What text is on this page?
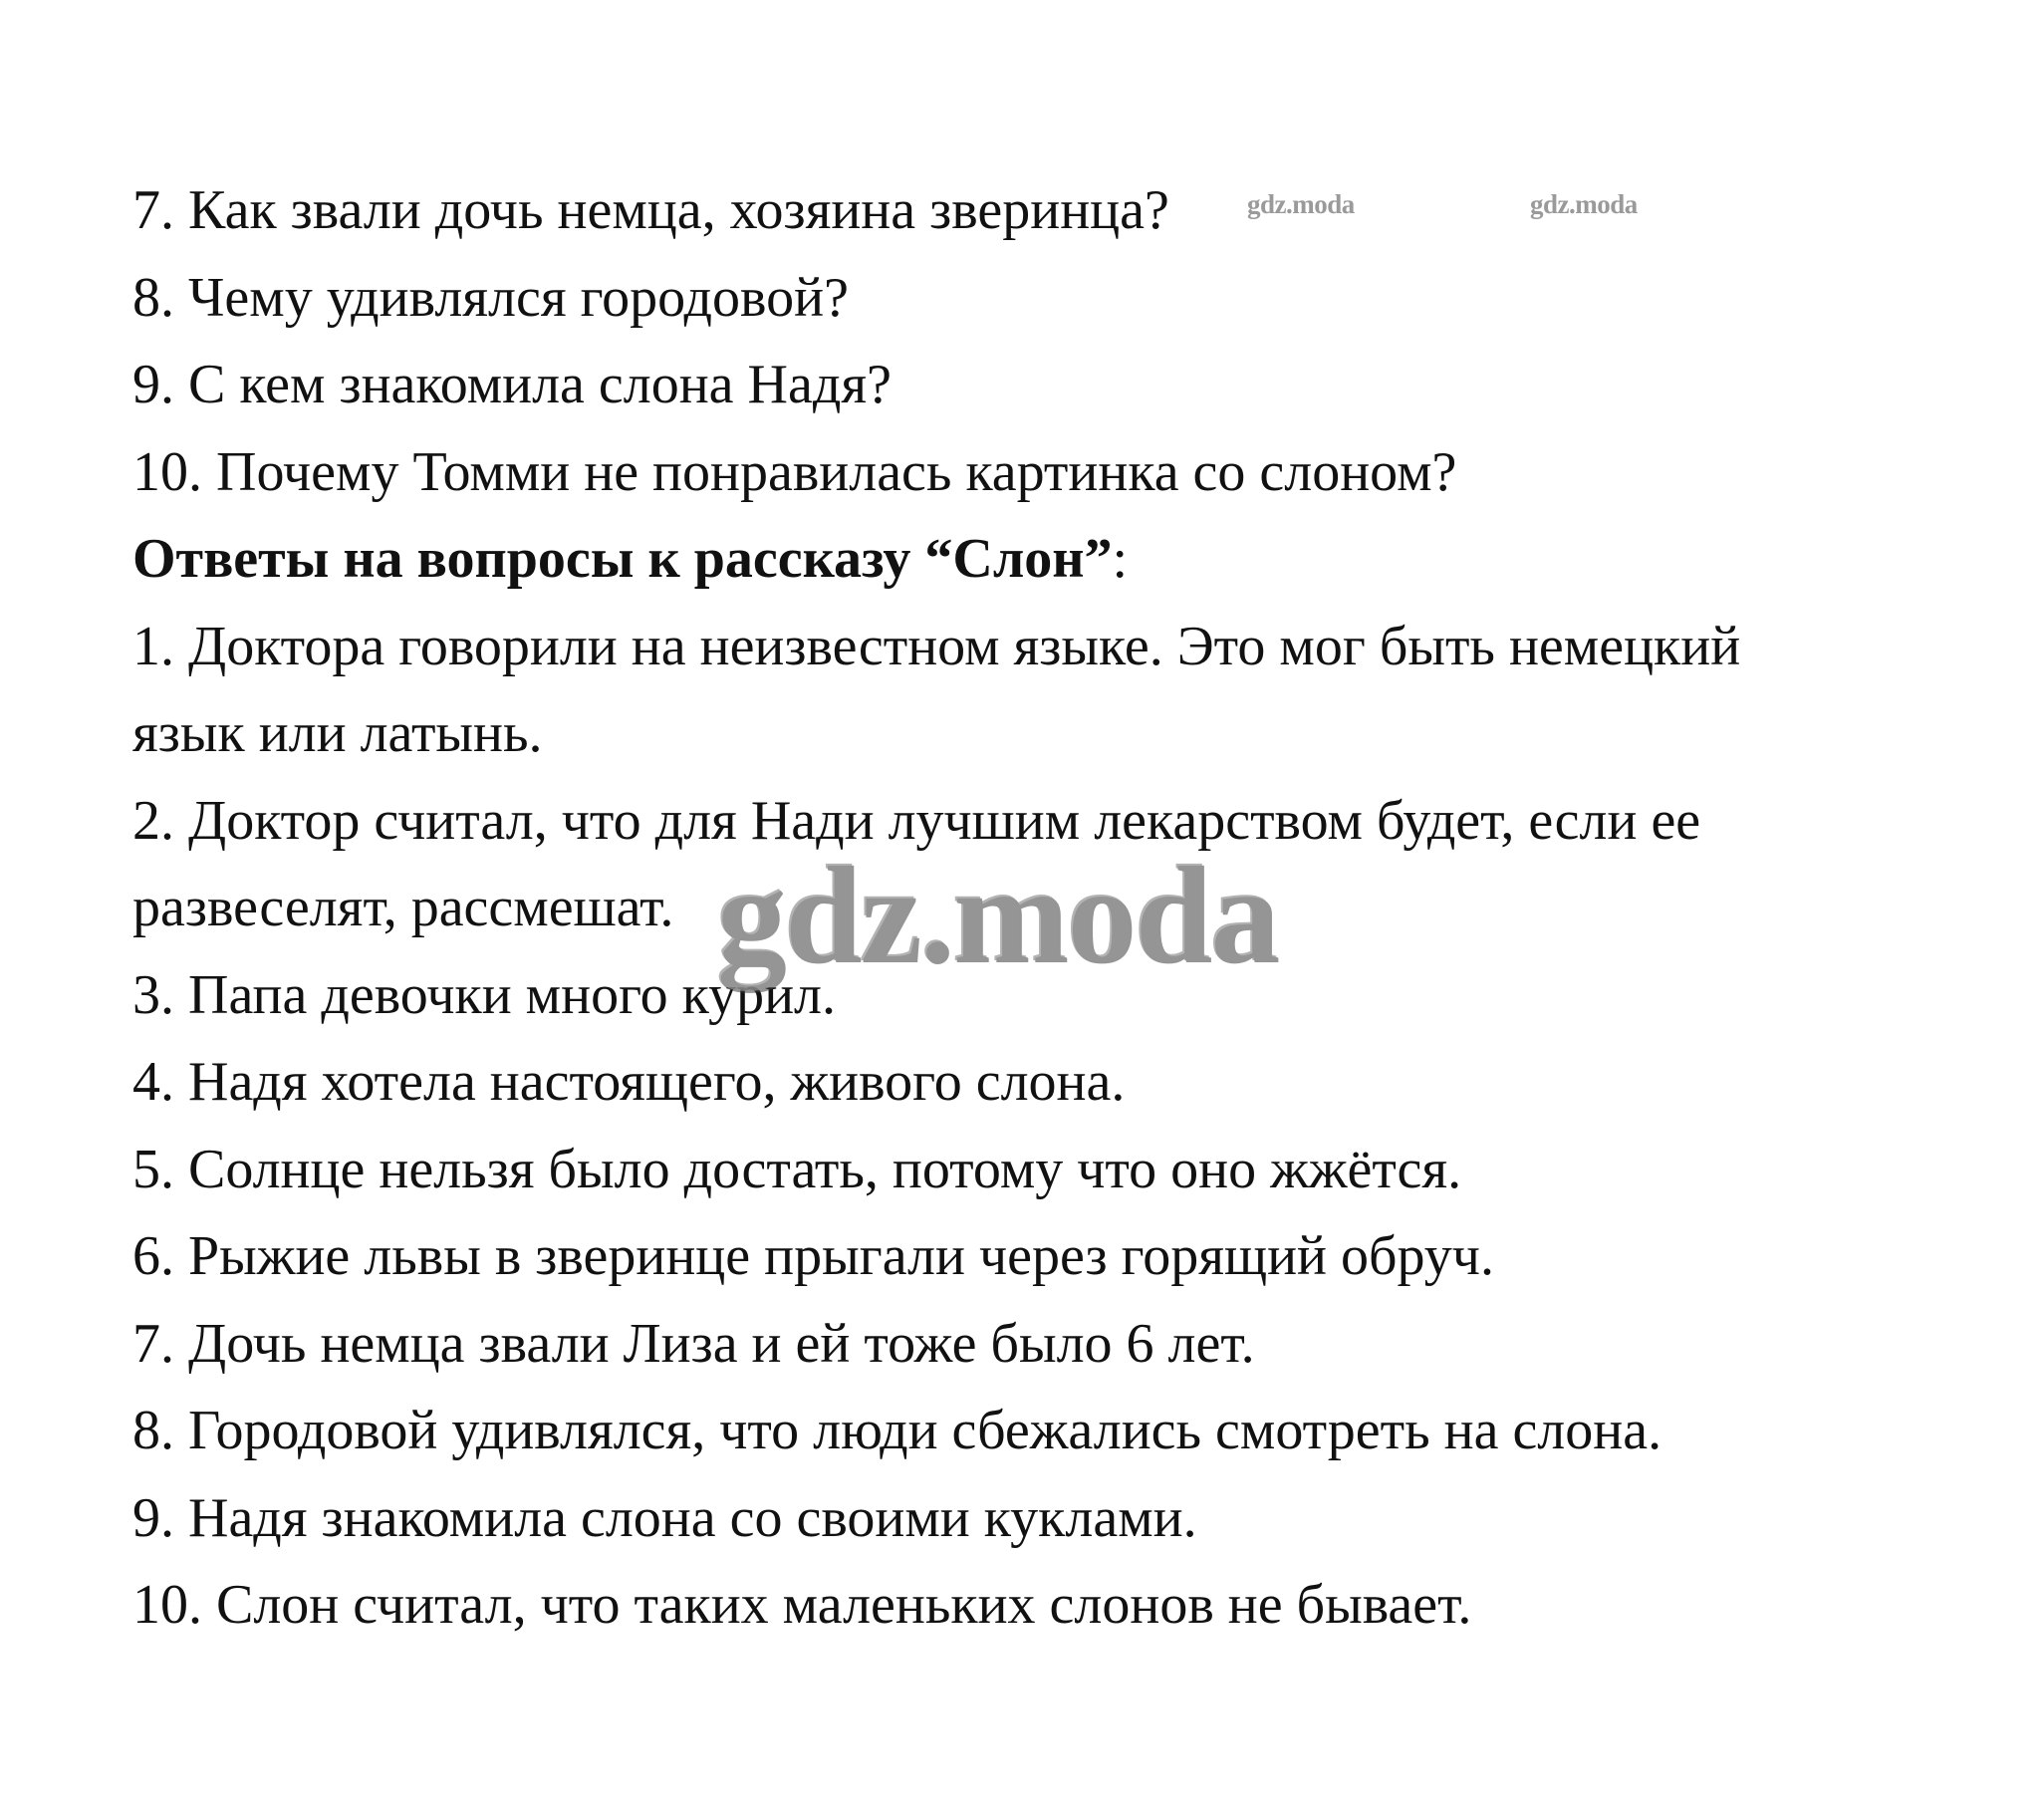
7. Как звали дочь немца, хозяина зверинца?
8. Чему удивлялся городовой?
9. С кем знакомила слона Надя?
10. Почему Томми не понравилась картинка со слоном?
Ответы на вопросы к рассказу “Слон”:
1. Доктора говорили на неизвестном языке. Это мог быть немецкий
язык или латынь.
2. Доктор считал, что для Нади лучшим лекарством будет, если ее
развеселят, рассмешат.
3. Папа девочки много курил.
4. Надя хотела настоящего, живого слона.
5. Солнце нельзя было достать, потому что оно жжётся.
6. Рыжие львы в зверинце прыгали через горящий обруч.
7. Дочь немца звали Лиза и ей тоже было 6 лет.
8. Городовой удивлялся, что люди сбежались смотреть на слона.
9. Надя знакомила слона со своими куклами.
10. Слон считал, что таких маленьких слонов не бывает.
gdz.moda	gdz.moda
gdz.moda
